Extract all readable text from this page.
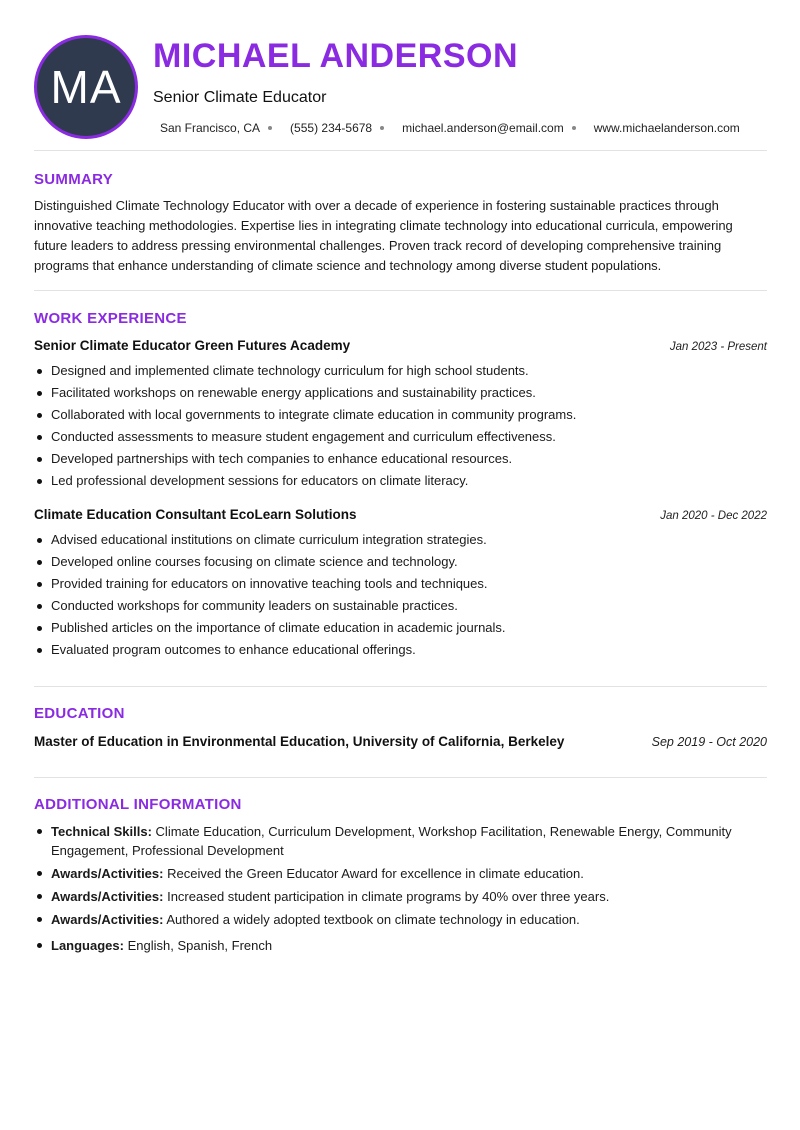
MA
MICHAEL ANDERSON
Senior Climate Educator
San Francisco, CA	(555) 234-5678	michael.anderson@email.com	www.michaelanderson.com
SUMMARY

Distinguished Climate Technology Educator with over a decade of experience in fostering sustainable practices through innovative teaching methodologies. Expertise lies in integrating climate technology into educational curricula, empowering future leaders to address pressing environmental challenges. Proven track record of developing comprehensive training programs that enhance understanding of climate science and technology among diverse student populations.

WORK EXPERIENCE
Senior Climate Educator Green Futures Academy	Jan 2023 - Present
Designed and implemented climate technology curriculum for high school students.
Facilitated workshops on renewable energy applications and sustainability practices.
Collaborated with local governments to integrate climate education in community programs.
Conducted assessments to measure student engagement and curriculum effectiveness.
Developed partnerships with tech companies to enhance educational resources.
Led professional development sessions for educators on climate literacy.
Climate Education Consultant EcoLearn Solutions	Jan 2020 - Dec 2022
Advised educational institutions on climate curriculum integration strategies.
Developed online courses focusing on climate science and technology.
Provided training for educators on innovative teaching tools and techniques.
Conducted workshops for community leaders on sustainable practices.
Published articles on the importance of climate education in academic journals.
Evaluated program outcomes to enhance educational offerings.
EDUCATION
Master of Education in Environmental Education, University of California, Berkeley	Sep 2019 - Oct 2020
ADDITIONAL INFORMATION
Technical Skills: Climate Education, Curriculum Development, Workshop Facilitation, Renewable Energy, Community Engagement, Professional Development
Awards/Activities: Received the Green Educator Award for excellence in climate education.
Awards/Activities: Increased student participation in climate programs by 40% over three years.
Awards/Activities: Authored a widely adopted textbook on climate technology in education.
Languages: English, Spanish, French
